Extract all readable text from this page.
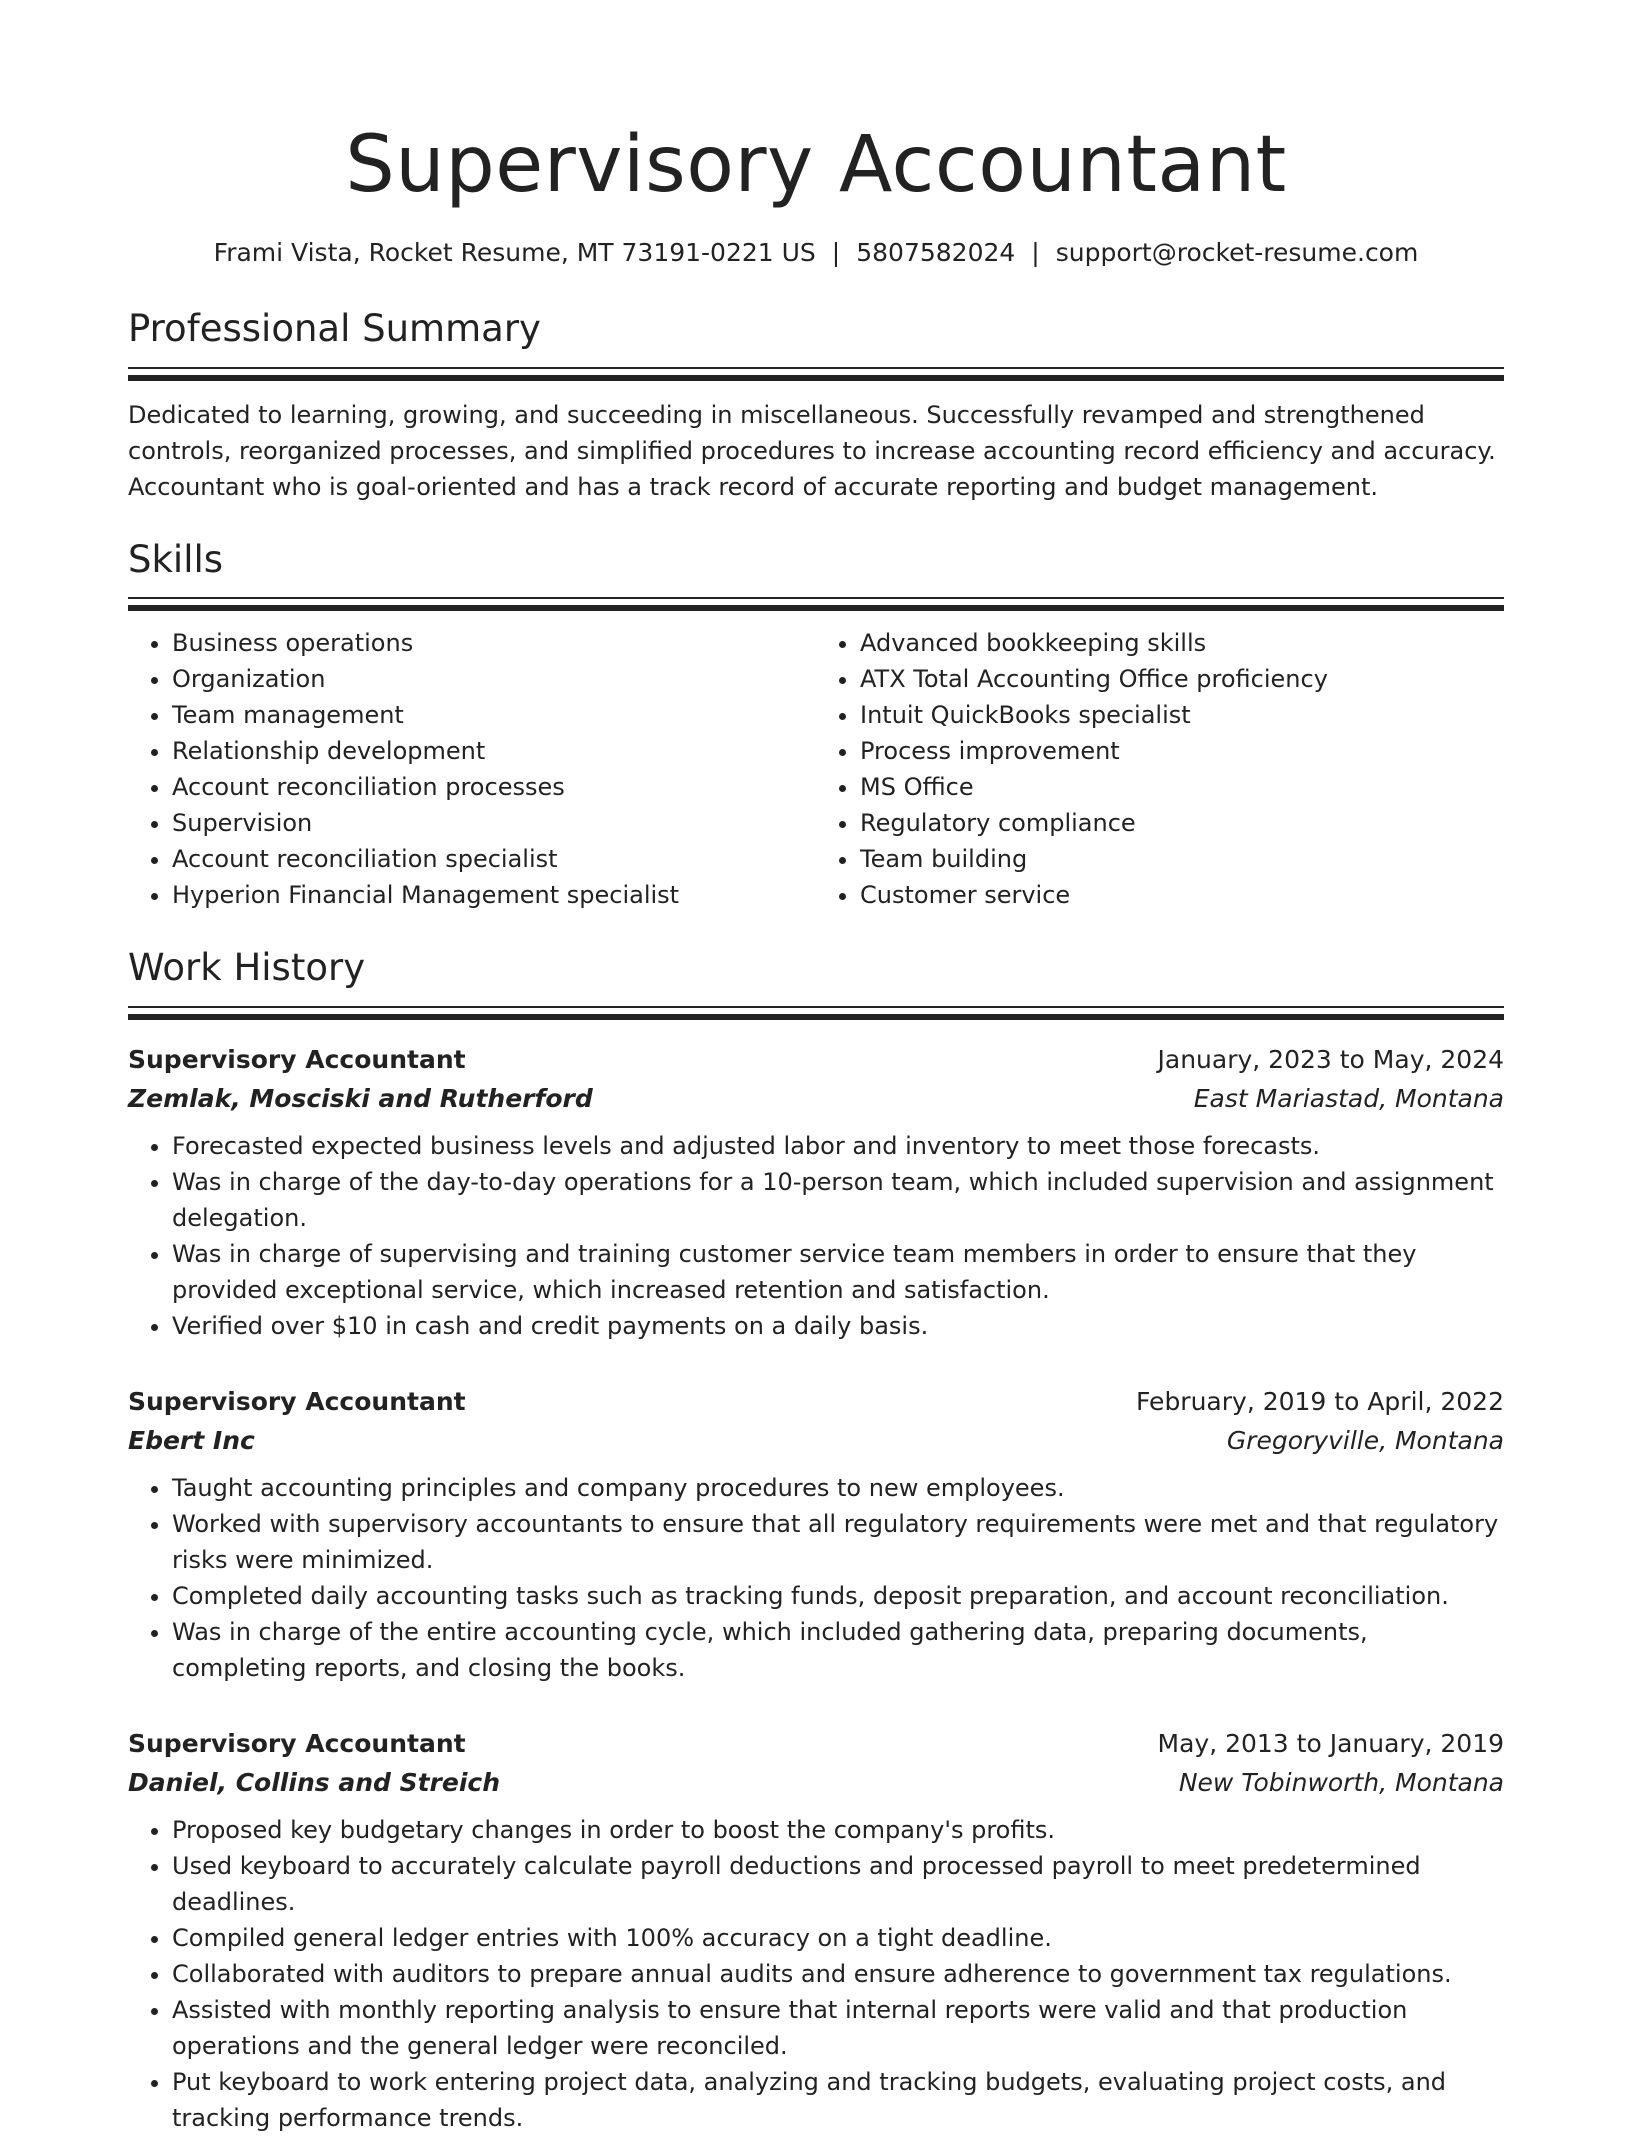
Supervisory Accountant
Frami Vista, Rocket Resume, MT 73191-0221 US | 5807582024 | support@rocket-resume.com
Professional Summary

Dedicated to learning, growing, and succeeding in miscellaneous. Successfully revamped and strengthened controls, reorganized processes, and simplified procedures to increase accounting record efficiency and accuracy. Accountant who is goal-oriented and has a track record of accurate reporting and budget management.

Skills
• Business operations
• Organization
• Team management
• Relationship development
• Account reconciliation processes
• Supervision
• Account reconciliation specialist
• Hyperion Financial Management specialist
• Advanced bookkeeping skills
• ATX Total Accounting Office proficiency
• Intuit QuickBooks specialist
• Process improvement
• MS Office
• Regulatory compliance
• Team building
• Customer service
Work History
Supervisory Accountant	January, 2023 to May, 2024
Zemlak, Mosciski and Rutherford	East Mariastad, Montana
• Forecasted expected business levels and adjusted labor and inventory to meet those forecasts.
• Was in charge of the day-to-day operations for a 10-person team, which included supervision and assignment delegation.
• Was in charge of supervising and training customer service team members in order to ensure that they provided exceptional service, which increased retention and satisfaction.
• Verified over $10 in cash and credit payments on a daily basis.
Supervisory Accountant	February, 2019 to April, 2022
Ebert Inc	Gregoryville, Montana
• Taught accounting principles and company procedures to new employees.
• Worked with supervisory accountants to ensure that all regulatory requirements were met and that regulatory risks were minimized.
• Completed daily accounting tasks such as tracking funds, deposit preparation, and account reconciliation.
• Was in charge of the entire accounting cycle, which included gathering data, preparing documents, completing reports, and closing the books.
Supervisory Accountant	May, 2013 to January, 2019
Daniel, Collins and Streich	New Tobinworth, Montana
• Proposed key budgetary changes in order to boost the company's profits.
• Used keyboard to accurately calculate payroll deductions and processed payroll to meet predetermined deadlines.
• Compiled general ledger entries with 100% accuracy on a tight deadline.
• Collaborated with auditors to prepare annual audits and ensure adherence to government tax regulations.
• Assisted with monthly reporting analysis to ensure that internal reports were valid and that production operations and the general ledger were reconciled.
• Put keyboard to work entering project data, analyzing and tracking budgets, evaluating project costs, and tracking performance trends.
